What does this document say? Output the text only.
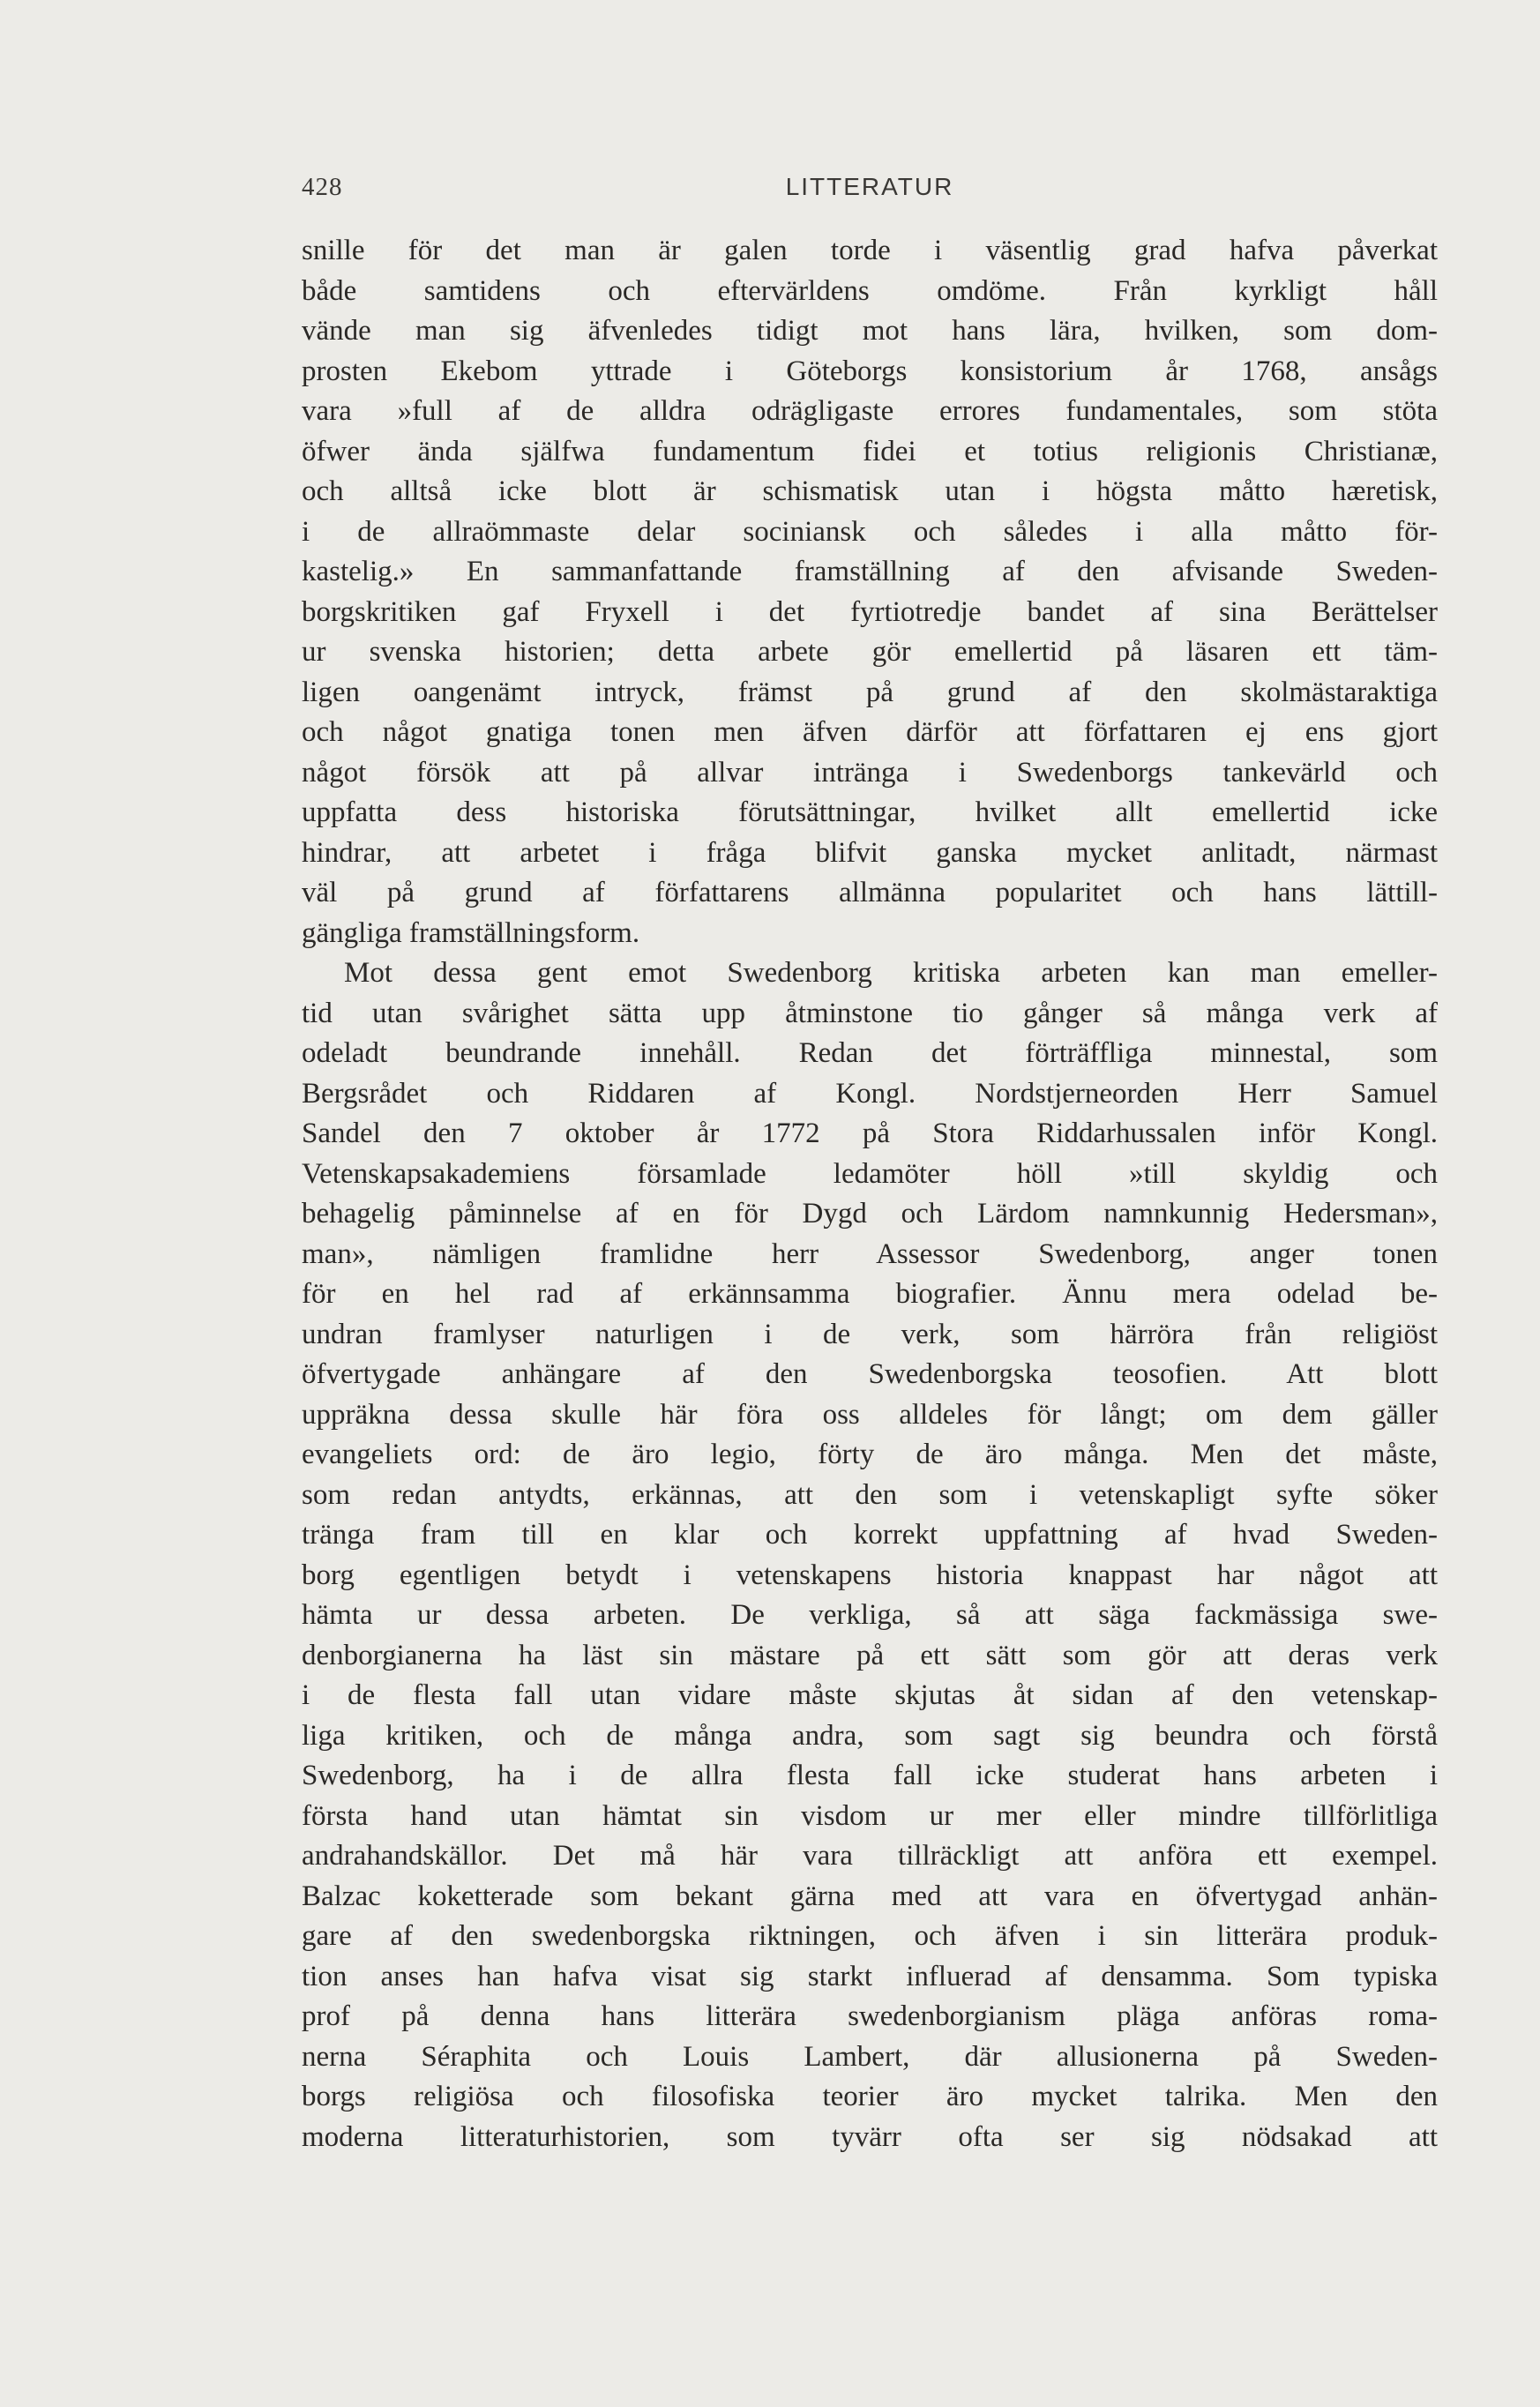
428	LITTERATUR
snille för det man är galen torde i väsentlig grad hafva påverkat
både samtidens och eftervärldens omdöme. Från kyrkligt håll
vände man sig äfvenledes tidigt mot hans lära, hvilken, som dom-
prosten Ekebom yttrade i Göteborgs konsistorium år 1768, ansågs
vara »full af de alldra odrägligaste errores fundamentales, som stöta
öfwer ända själfwa fundamentum fidei et totius religionis Christianæ,
och alltså icke blott är schismatisk utan i högsta måtto hæretisk,
i de allraömmaste delar sociniansk och således i alla måtto för-
kastelig.» En sammanfattande framställning af den afvisande Sweden-
borgskritiken gaf Fryxell i det fyrtiotredje bandet af sina Berättelser
ur svenska historien; detta arbete gör emellertid på läsaren ett täm-
ligen oangenämt intryck, främst på grund af den skolmästaraktiga
och något gnatiga tonen men äfven därför att författaren ej ens gjort
något försök att på allvar intränga i Swedenborgs tankevärld och
uppfatta dess historiska förutsättningar, hvilket allt emellertid icke
hindrar, att arbetet i fråga blifvit ganska mycket anlitadt, närmast
väl på grund af författarens allmänna popularitet och hans lättill-
gängliga framställningsform.
Mot dessa gent emot Swedenborg kritiska arbeten kan man emeller-
tid utan svårighet sätta upp åtminstone tio gånger så många verk af
odeladt beundrande innehåll. Redan det förträffliga minnestal, som
Bergsrådet och Riddaren af Kongl. Nordstjerneorden Herr Samuel
Sandel den 7 oktober år 1772 på Stora Riddarhussalen inför Kongl.
Vetenskapsakademiens församlade ledamöter höll »till skyldig och
behagelig påminnelse af en för Dygd och Lärdom namnkunnig Hedersman»,
man», nämligen framlidne herr Assessor Swedenborg, anger tonen
för en hel rad af erkännsamma biografier. Ännu mera odelad be-
undran framlyser naturligen i de verk, som härröra från religiöst
öfvertygade anhängare af den Swedenborgska teosofien. Att blott
uppräkna dessa skulle här föra oss alldeles för långt; om dem gäller
evangeliets ord: de äro legio, förty de äro många. Men det måste,
som redan antydts, erkännas, att den som i vetenskapligt syfte söker
tränga fram till en klar och korrekt uppfattning af hvad Sweden-
borg egentligen betydt i vetenskapens historia knappast har något att
hämta ur dessa arbeten. De verkliga, så att säga fackmässiga swe-
denborgianerna ha läst sin mästare på ett sätt som gör att deras verk
i de flesta fall utan vidare måste skjutas åt sidan af den vetenskap-
liga kritiken, och de många andra, som sagt sig beundra och förstå
Swedenborg, ha i de allra flesta fall icke studerat hans arbeten i
första hand utan hämtat sin visdom ur mer eller mindre tillförlitliga
andrahandskällor. Det må här vara tillräckligt att anföra ett exempel.
Balzac koketterade som bekant gärna med att vara en öfvertygad anhän-
gare af den swedenborgska riktningen, och äfven i sin litterära produk-
tion anses han hafva visat sig starkt influerad af densamma. Som typiska
prof på denna hans litterära swedenborgianism pläga anföras roma-
nerna Séraphita och Louis Lambert, där allusionerna på Sweden-
borgs religiösa och filosofiska teorier äro mycket talrika. Men den
moderna litteraturhistorien, som tyvärr ofta ser sig nödsakad att
